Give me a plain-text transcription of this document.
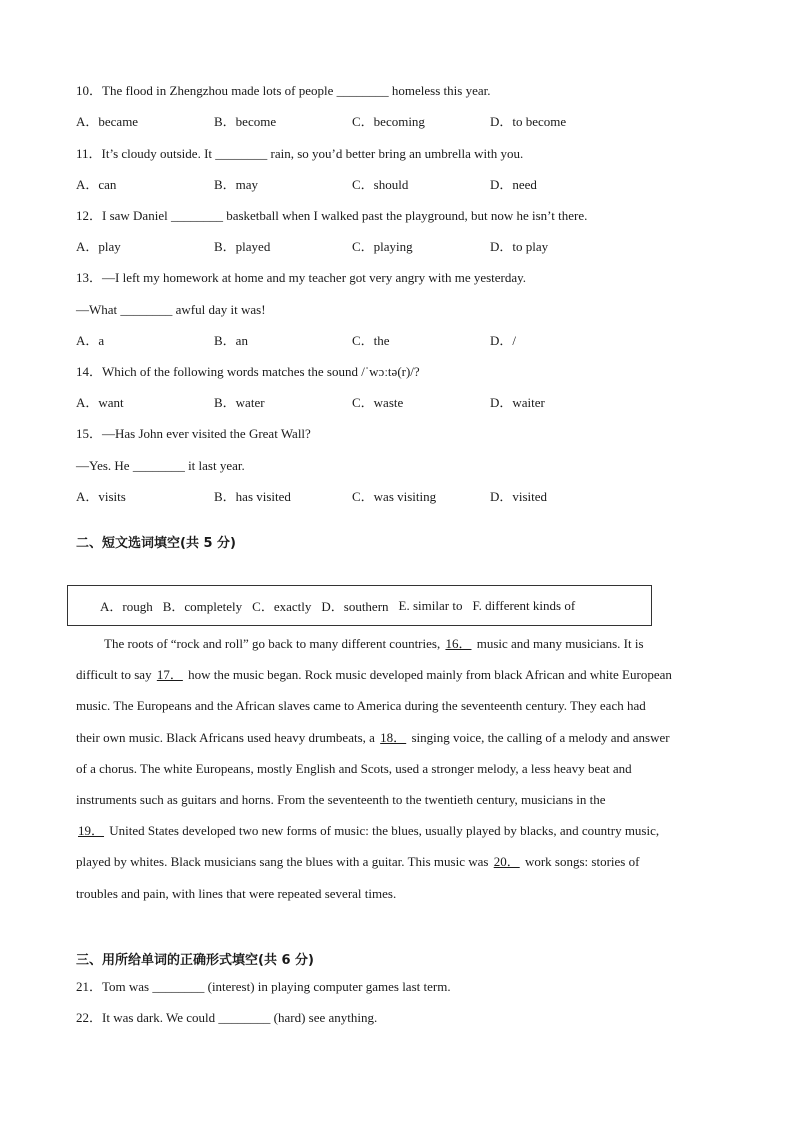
10．The flood in Zhengzhou made lots of people ________ homeless this year.
A．became	B．become	C．becoming	D．to become
11．It’s cloudy outside. It ________ rain, so you’d better bring an umbrella with you.
A．can	B．may	C．should	D．need
12．I saw Daniel ________ basketball when I walked past the playground, but now he isn’t there.
A．play	B．played	C．playing	D．to play
13．—I left my homework at home and my teacher got very angry with me yesterday.
—What ________ awful day it was!
A．a	B．an	C．the	D．/
14．Which of the following words matches the sound /ˈwɔːtə(r)/?
A．want	B．water	C．waste	D．waiter
15．—Has John ever visited the Great Wall?
—Yes. He ________ it last year.
A．visits	B．has visited	C．was visiting	D．visited
二、短文选词填空(共 5 分)
A．rough B．completely C．exactly D．southern E. similar to F. different kinds of
The roots of “rock and roll” go back to many different countries, 16． music and many musicians. It is
difficult to say 17． how the music began. Rock music developed mainly from black African and white European
music. The Europeans and the African slaves came to America during the seventeenth century. They each had
their own music. Black Africans used heavy drumbeats, a 18． singing voice, the calling of a melody and answer
of a chorus. The white Europeans, mostly English and Scots, used a stronger melody, a less heavy beat and
instruments such as guitars and horns. From the seventeenth to the twentieth century, musicians in the
19． United States developed two new forms of music: the blues, usually played by blacks, and country music,
played by whites. Black musicians sang the blues with a guitar. This music was 20． work songs: stories of
troubles and pain, with lines that were repeated several times.
三、用所给单词的正确形式填空(共 6 分)
21．Tom was ________ (interest) in playing computer games last term.
22．It was dark. We could ________ (hard) see anything.
